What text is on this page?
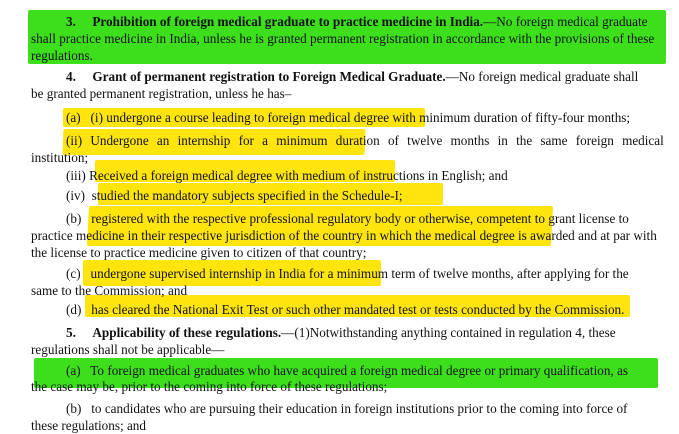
3. Prohibition of foreign medical graduate to practice medicine in India.—No foreign medical graduate
shall practice medicine in India, unless he is granted permanent registration in accordance with the provisions of these
regulations.
4. Grant of permanent registration to Foreign Medical Graduate.—No foreign medical graduate shall
be granted permanent registration, unless he has–
(a)   (i) undergone a course leading to foreign medical degree with minimum duration of fifty-four months;
(ii) Undergone an internship for a minimum duration of twelve months in the same foreign medical
institution;
(iii) Received a foreign medical degree with medium of instructions in English; and
(iv)  studied the mandatory subjects specified in the Schedule-I;
(b)   registered with the respective professional regulatory body or otherwise, competent to grant license to
practice medicine in their respective jurisdiction of the country in which the medical degree is awarded and at par with
the license to practice medicine given to citizen of that country;
(c)   undergone supervised internship in India for a minimum term of twelve months, after applying for the
same to the Commission; and
(d)   has cleared the National Exit Test or such other mandated test or tests conducted by the Commission.
5. Applicability of these regulations.—(1)Notwithstanding anything contained in regulation 4, these
regulations shall not be applicable—
(a)   To foreign medical graduates who have acquired a foreign medical degree or primary qualification, as
the case may be, prior to the coming into force of these regulations;
(b)   to candidates who are pursuing their education in foreign institutions prior to the coming into force of
these regulations; and
